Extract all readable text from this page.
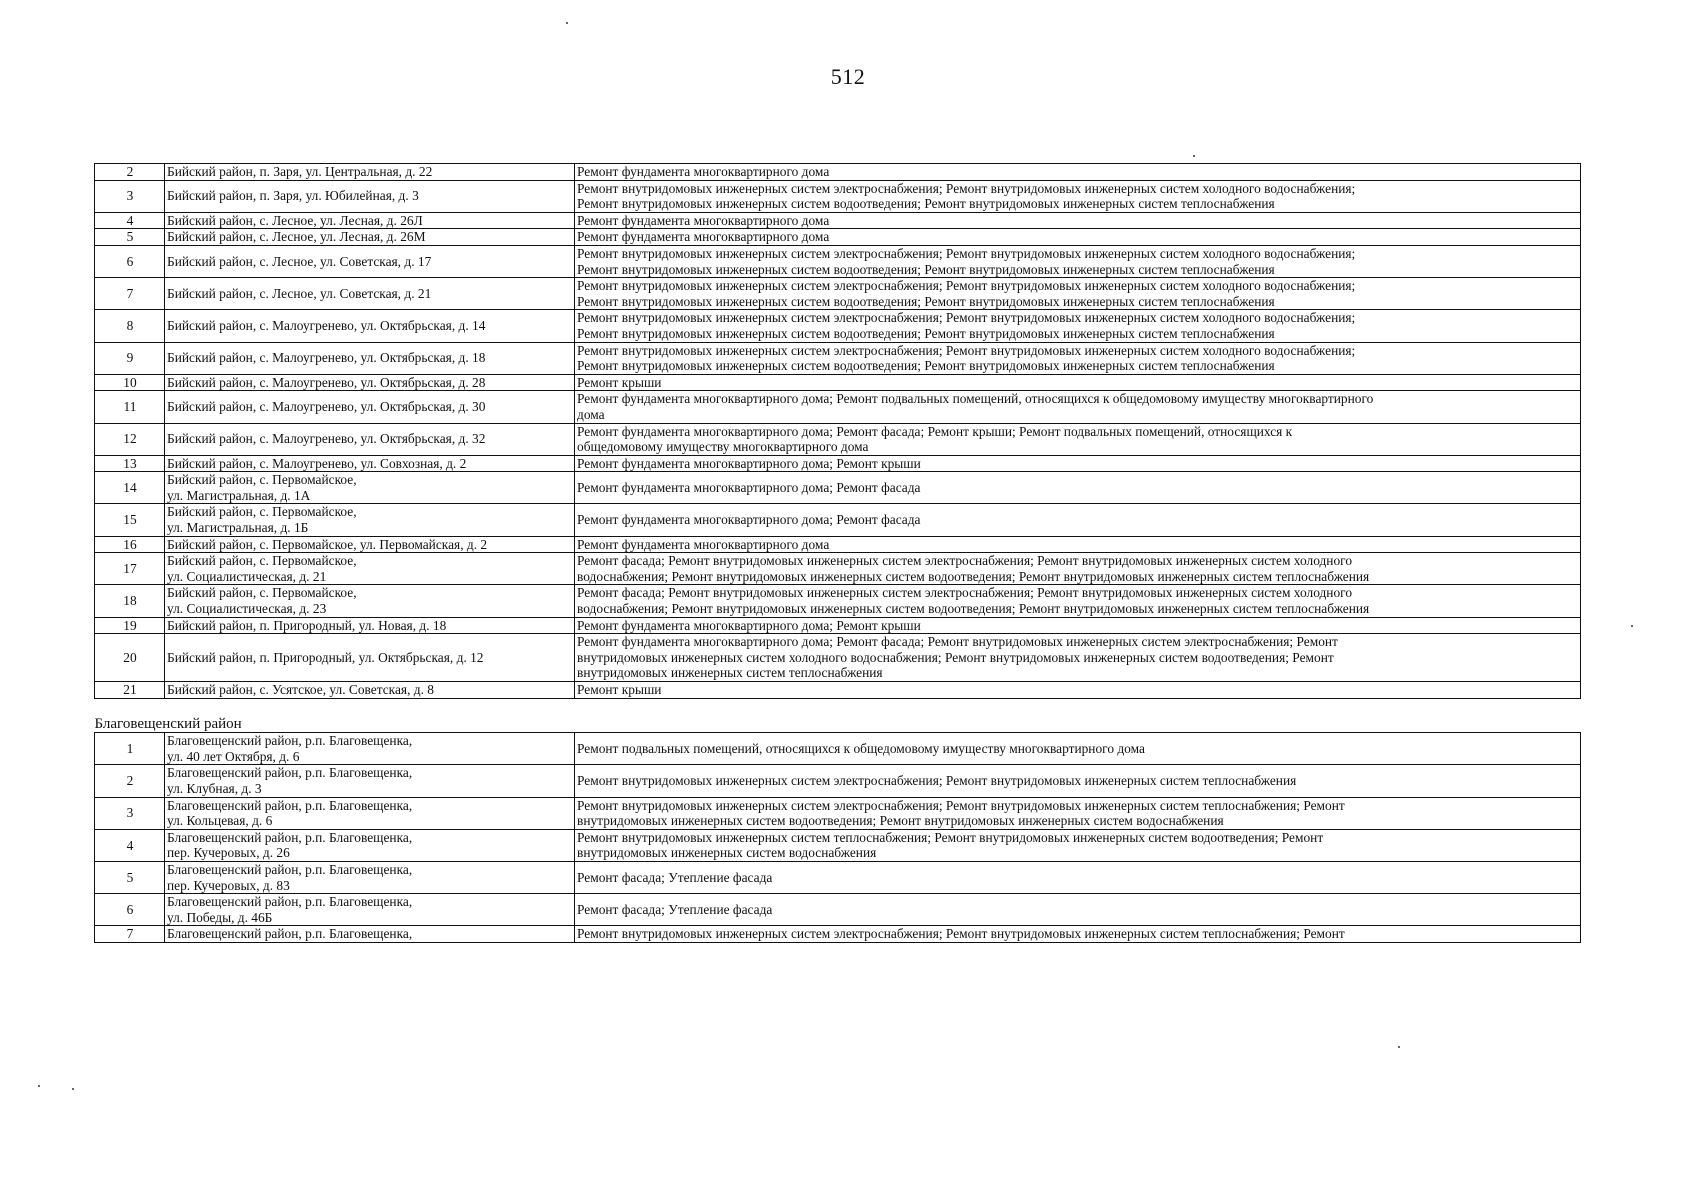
512
2	Бийский район, п. Заря, ул. Центральная, д. 22	Ремонт фундамента многоквартирного дома
3	Бийский район, п. Заря, ул. Юбилейная, д. 3	Ремонт внутридомовых инженерных систем электроснабжения; Ремонт внутридомовых инженерных систем холодного водоснабжения;
Ремонт внутридомовых инженерных систем водоотведения; Ремонт внутридомовых инженерных систем теплоснабжения
4	Бийский район, с. Лесное, ул. Лесная, д. 26Л	Ремонт фундамента многоквартирного дома
5	Бийский район, с. Лесное, ул. Лесная, д. 26М	Ремонт фундамента многоквартирного дома
6	Бийский район, с. Лесное, ул. Советская, д. 17	Ремонт внутридомовых инженерных систем электроснабжения; Ремонт внутридомовых инженерных систем холодного водоснабжения;
Ремонт внутридомовых инженерных систем водоотведения; Ремонт внутридомовых инженерных систем теплоснабжения
7	Бийский район, с. Лесное, ул. Советская, д. 21	Ремонт внутридомовых инженерных систем электроснабжения; Ремонт внутридомовых инженерных систем холодного водоснабжения;
Ремонт внутридомовых инженерных систем водоотведения; Ремонт внутридомовых инженерных систем теплоснабжения
8	Бийский район, с. Малоугренево, ул. Октябрьская, д. 14	Ремонт внутридомовых инженерных систем электроснабжения; Ремонт внутридомовых инженерных систем холодного водоснабжения;
Ремонт внутридомовых инженерных систем водоотведения; Ремонт внутридомовых инженерных систем теплоснабжения
9	Бийский район, с. Малоугренево, ул. Октябрьская, д. 18	Ремонт внутридомовых инженерных систем электроснабжения; Ремонт внутридомовых инженерных систем холодного водоснабжения;
Ремонт внутридомовых инженерных систем водоотведения; Ремонт внутридомовых инженерных систем теплоснабжения
10	Бийский район, с. Малоугренево, ул. Октябрьская, д. 28	Ремонт крыши
11	Бийский район, с. Малоугренево, ул. Октябрьская, д. 30	Ремонт фундамента многоквартирного дома; Ремонт подвальных помещений, относящихся к общедомовому имуществу многоквартирного
дома
12	Бийский район, с. Малоугренево, ул. Октябрьская, д. 32	Ремонт фундамента многоквартирного дома; Ремонт фасада; Ремонт крыши; Ремонт подвальных помещений, относящихся к
общедомовому имуществу многоквартирного дома
13	Бийский район, с. Малоугренево, ул. Совхозная, д. 2	Ремонт фундамента многоквартирного дома; Ремонт крыши
14	Бийский район, с. Первомайское,
ул. Магистральная, д. 1А	Ремонт фундамента многоквартирного дома; Ремонт фасада
15	Бийский район, с. Первомайское,
ул. Магистральная, д. 1Б	Ремонт фундамента многоквартирного дома; Ремонт фасада
16	Бийский район, с. Первомайское, ул. Первомайская, д. 2	Ремонт фундамента многоквартирного дома
17	Бийский район, с. Первомайское,
ул. Социалистическая, д. 21	Ремонт фасада; Ремонт внутридомовых инженерных систем электроснабжения; Ремонт внутридомовых инженерных систем холодного
водоснабжения; Ремонт внутридомовых инженерных систем водоотведения; Ремонт внутридомовых инженерных систем теплоснабжения
18	Бийский район, с. Первомайское,
ул. Социалистическая, д. 23	Ремонт фасада; Ремонт внутридомовых инженерных систем электроснабжения; Ремонт внутридомовых инженерных систем холодного
водоснабжения; Ремонт внутридомовых инженерных систем водоотведения; Ремонт внутридомовых инженерных систем теплоснабжения
19	Бийский район, п. Пригородный, ул. Новая, д. 18	Ремонт фундамента многоквартирного дома; Ремонт крыши
20	Бийский район, п. Пригородный, ул. Октябрьская, д. 12	Ремонт фундамента многоквартирного дома; Ремонт фасада; Ремонт внутридомовых инженерных систем электроснабжения; Ремонт
внутридомовых инженерных систем холодного водоснабжения; Ремонт внутридомовых инженерных систем водоотведения; Ремонт
внутридомовых инженерных систем теплоснабжения
21	Бийский район, с. Усятское, ул. Советская, д. 8	Ремонт крыши
Благовещенский район		
1	Благовещенский район, р.п. Благовещенка,
ул. 40 лет Октября, д. 6	Ремонт подвальных помещений, относящихся к общедомовому имуществу многоквартирного дома
2	Благовещенский район, р.п. Благовещенка,
ул. Клубная, д. 3	Ремонт внутридомовых инженерных систем электроснабжения; Ремонт внутридомовых инженерных систем теплоснабжения
3	Благовещенский район, р.п. Благовещенка,
ул. Кольцевая, д. 6	Ремонт внутридомовых инженерных систем электроснабжения; Ремонт внутридомовых инженерных систем теплоснабжения; Ремонт
внутридомовых инженерных систем водоотведения; Ремонт внутридомовых инженерных систем водоснабжения
4	Благовещенский район, р.п. Благовещенка,
пер. Кучеровых, д. 26	Ремонт внутридомовых инженерных систем теплоснабжения; Ремонт внутридомовых инженерных систем водоотведения; Ремонт
внутридомовых инженерных систем водоснабжения
5	Благовещенский район, р.п. Благовещенка,
пер. Кучеровых, д. 83	Ремонт фасада; Утепление фасада
6	Благовещенский район, р.п. Благовещенка,
ул. Победы, д. 46Б	Ремонт фасада; Утепление фасада
7	Благовещенский район, р.п. Благовещенка,	Ремонт внутридомовых инженерных систем электроснабжения; Ремонт внутридомовых инженерных систем теплоснабжения; Ремонт
